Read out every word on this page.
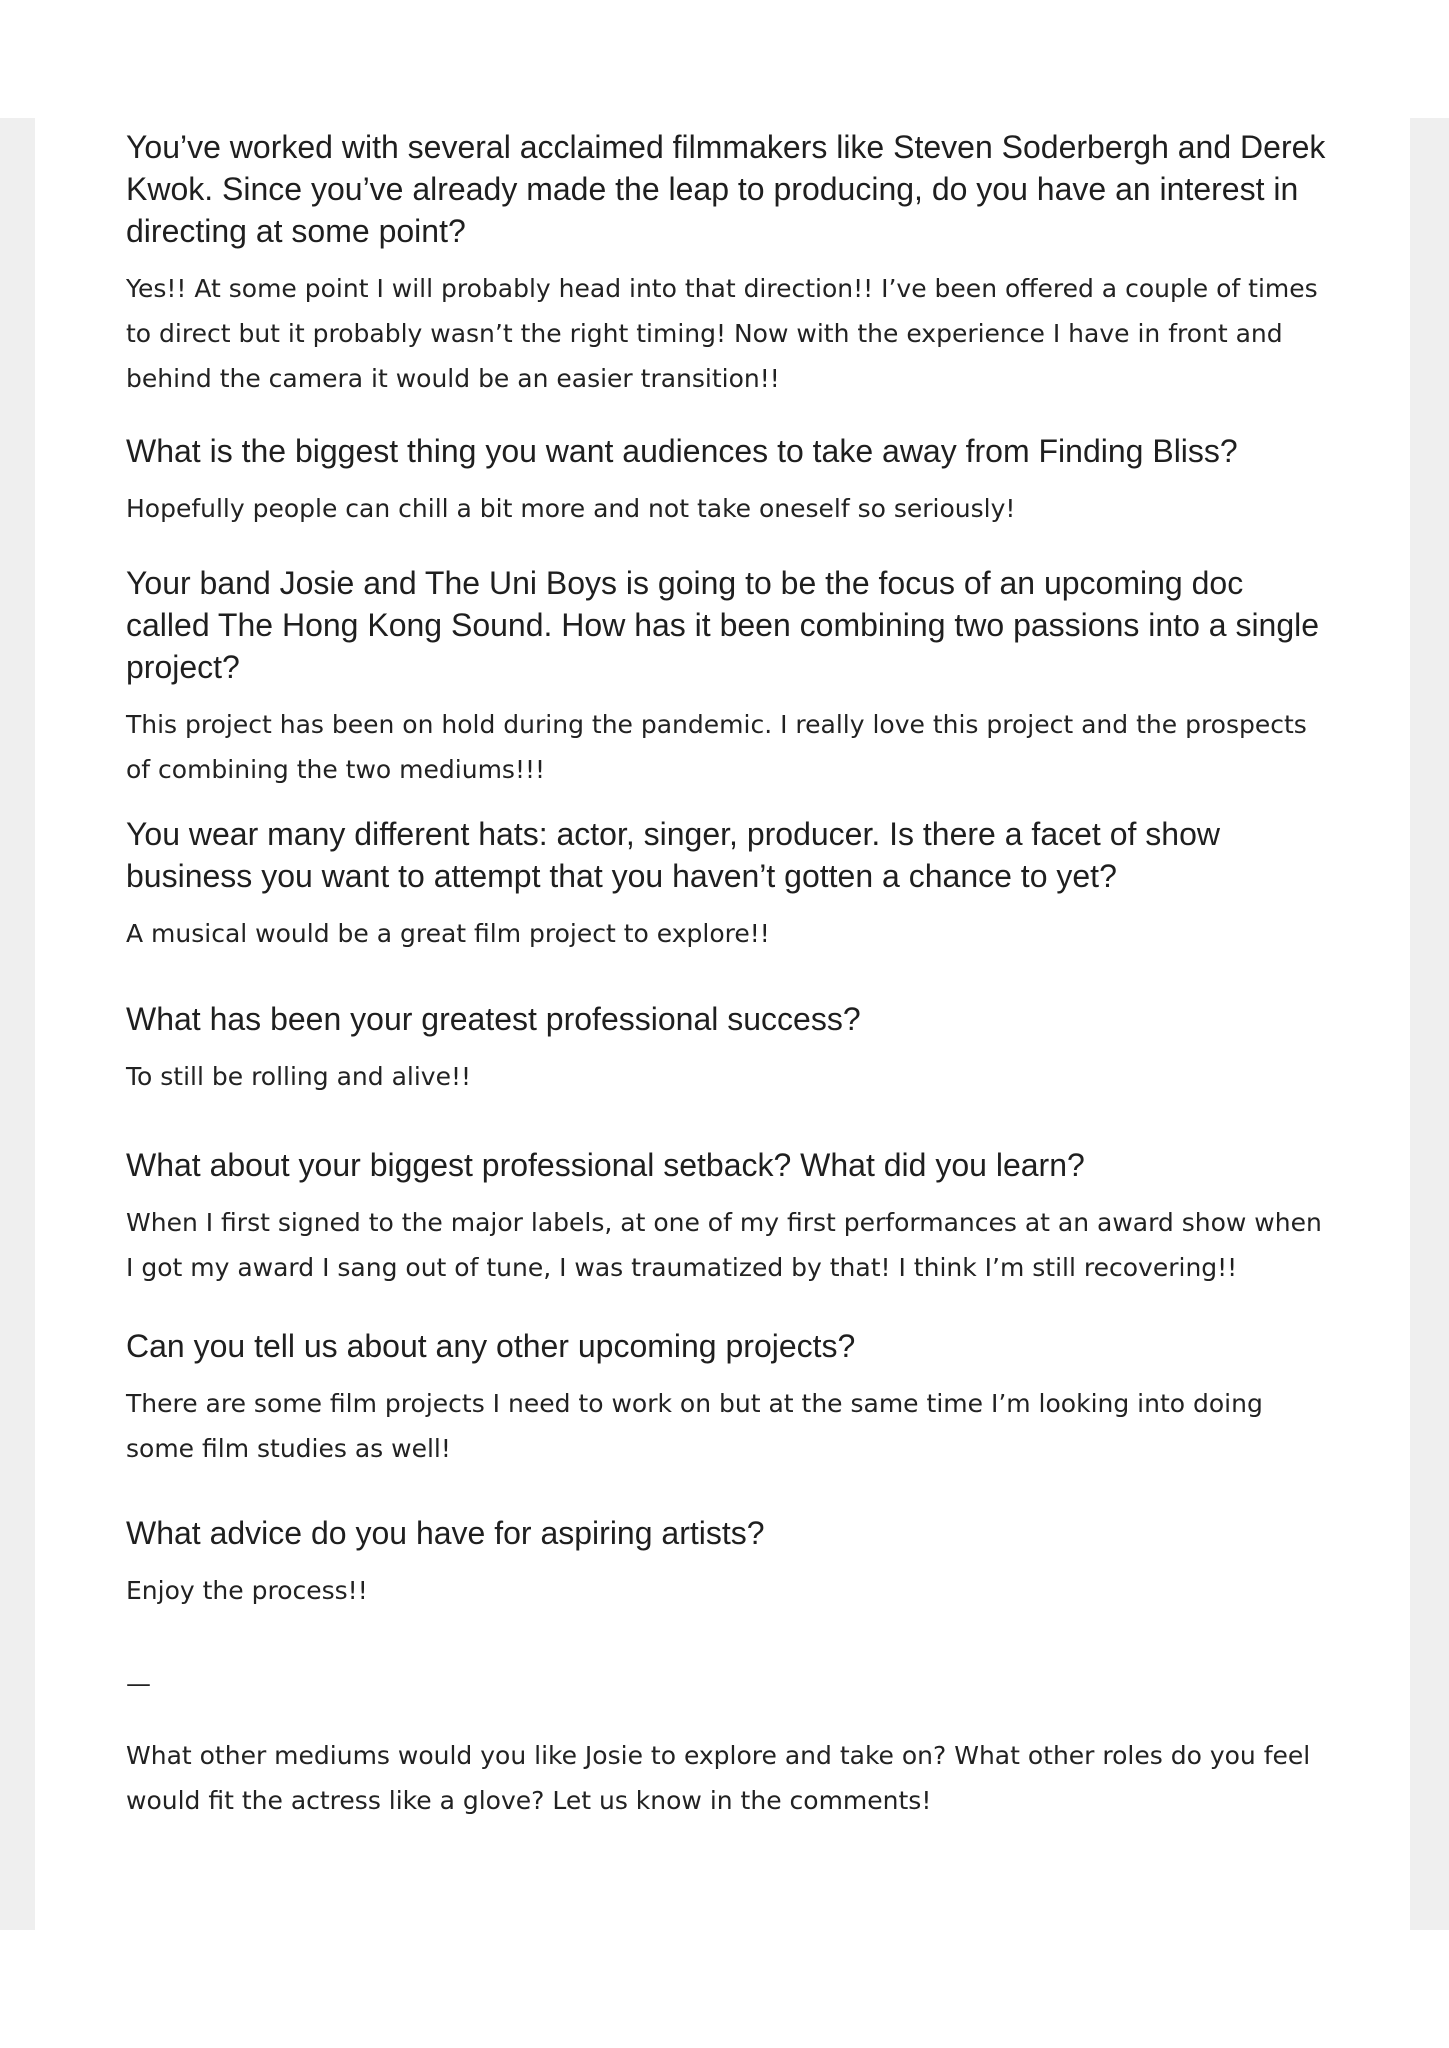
You’ve worked with several acclaimed filmmakers like Steven Soderbergh and Derek Kwok. Since you’ve already made the leap to producing, do you have an interest in directing at some point?

Yes!! At some point I will probably head into that direction!! I’ve been offered a couple of times to direct but it probably wasn’t the right timing! Now with the experience I have in front and behind the camera it would be an easier transition!!

What is the biggest thing you want audiences to take away from Finding Bliss?

Hopefully people can chill a bit more and not take oneself so seriously!

Your band Josie and The Uni Boys is going to be the focus of an upcoming doc called The Hong Kong Sound. How has it been combining two passions into a single project?

This project has been on hold during the pandemic. I really love this project and the prospects of combining the two mediums!!!

You wear many different hats: actor, singer, producer. Is there a facet of show business you want to attempt that you haven’t gotten a chance to yet?

A musical would be a great film project to explore!!

What has been your greatest professional success?

To still be rolling and alive!!

What about your biggest professional setback? What did you learn?

When I first signed to the major labels, at one of my first performances at an award show when I got my award I sang out of tune, I was traumatized by that! I think I’m still recovering!!

Can you tell us about any other upcoming projects?

There are some film projects I need to work on but at the same time I’m looking into doing some film studies as well!

What advice do you have for aspiring artists?

Enjoy the process!!

—

What other mediums would you like Josie to explore and take on? What other roles do you feel would fit the actress like a glove? Let us know in the comments!
